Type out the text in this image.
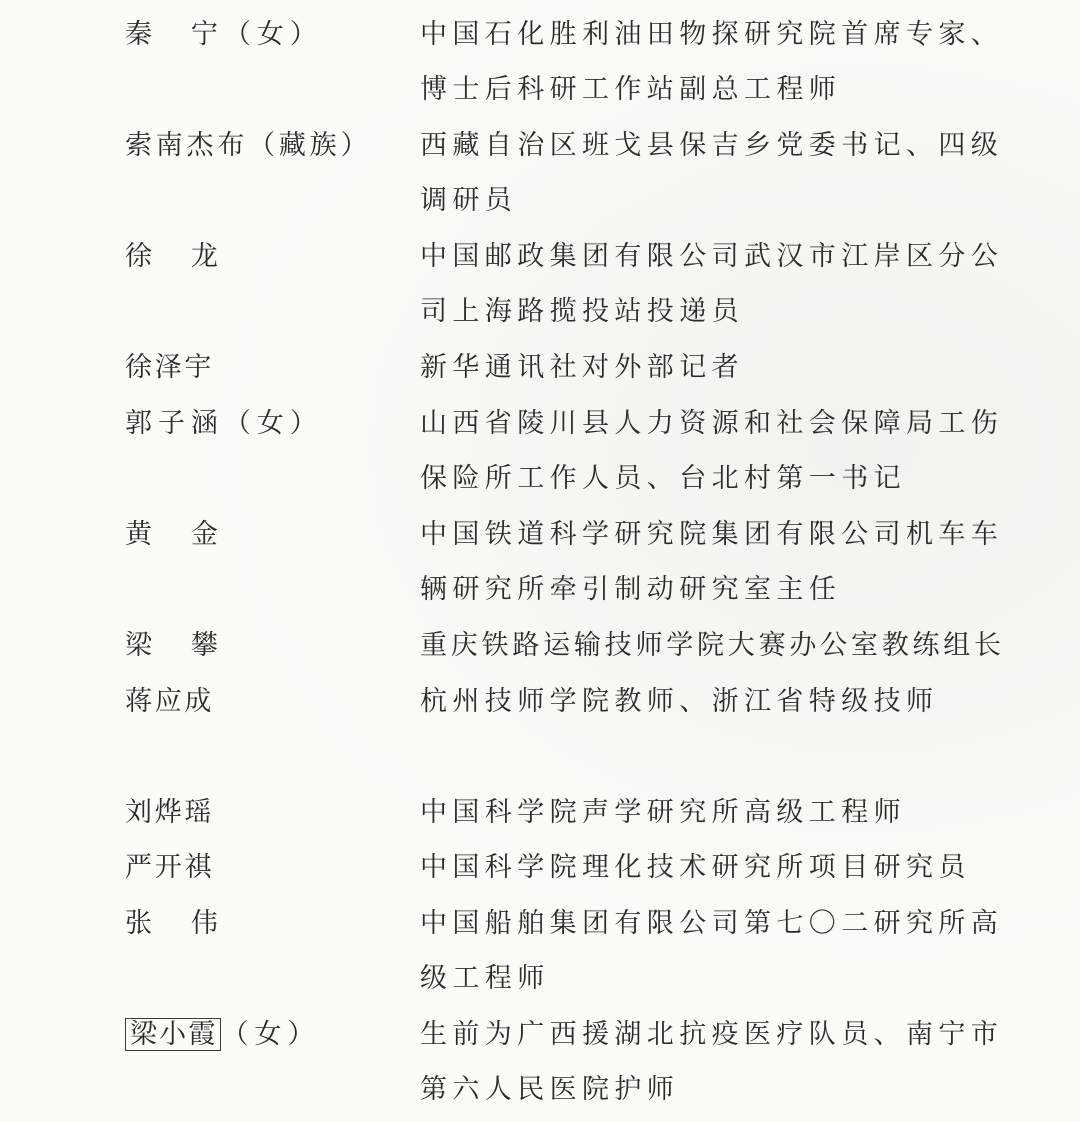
秦　宁（女）	中国石化胜利油田物探研究院首席专家、
博士后科研工作站副总工程师
索南杰布（藏族） 西藏自治区班戈县保吉乡党委书记、四级
调研员
徐　龙	中国邮政集团有限公司武汉市江岸区分公
司上海路揽投站投递员
徐泽宇	新华通讯社对外部记者
郭子涵（女）	山西省陵川县人力资源和社会保障局工伤
保险所工作人员、台北村第一书记
黄　金	中国铁道科学研究院集团有限公司机车车
辆研究所牵引制动研究室主任
梁　攀	重庆铁路运输技师学院大赛办公室教练组长
蒋应成	杭州技师学院教师、浙江省特级技师
刘烨瑶	中国科学院声学研究所高级工程师
严开祺	中国科学院理化技术研究所项目研究员
张　伟	中国船舶集团有限公司第七〇二研究所高
级工程师
梁小霞 （女）	生前为广西援湖北抗疫医疗队员、南宁市
第六人民医院护师
